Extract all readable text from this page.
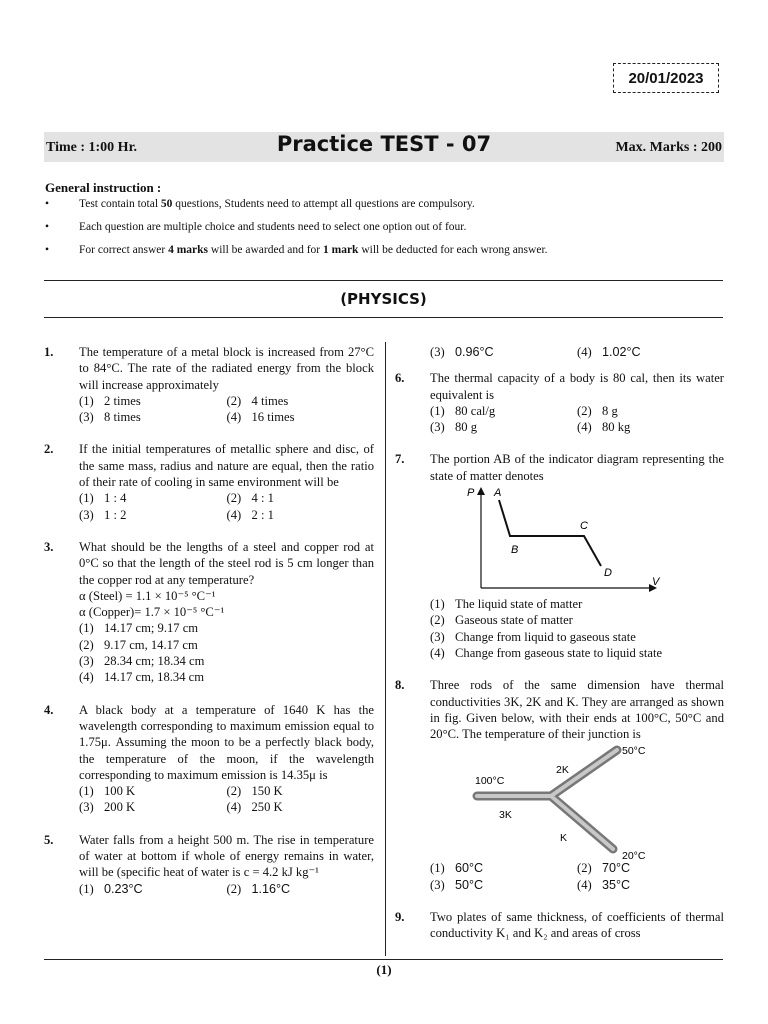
20/01/2023
Time : 1:00 Hr.	Practice TEST - 07	Max. Marks : 200
General instruction :
•	Test contain total 50 questions, Students need to attempt all questions are compulsory.
•	Each question are multiple choice and students need to select one option out of four.
•	For correct answer 4 marks will be awarded and for 1 mark will be deducted for each wrong answer.
(PHYSICS)
1. The temperature of a metal block is increased from 27°C to 84°C. The rate of the radiated energy from the block will increase approximately
(1) 2 times	(2) 4 times
(3) 8 times	(4) 16 times
2. If the initial temperatures of metallic sphere and disc, of the same mass, radius and nature are equal, then the ratio of their rate of cooling in same environment will be
(1) 1 : 4	(2) 4 : 1
(3) 1 : 2	(4) 2 : 1
3. What should be the lengths of a steel and copper rod at 0°C so that the length of the steel rod is 5 cm longer than the copper rod at any temperature?
α (Steel) = 1.1 × 10⁻⁵ °C⁻¹
α (Copper)= 1.7 × 10⁻⁵ °C⁻¹
(1) 14.17 cm; 9.17 cm
(2) 9.17 cm, 14.17 cm
(3) 28.34 cm; 18.34 cm
(4) 14.17 cm, 18.34 cm
4. A black body at a temperature of 1640 K has the wavelength corresponding to maximum emission equal to 1.75μ. Assuming the moon to be a perfectly black body, the temperature of the moon, if the wavelength corresponding to maximum emission is 14.35μ is
(1) 100 K	(2) 150 K
(3) 200 K	(4) 250 K
5. Water falls from a height 500 m. The rise in temperature of water at bottom if whole of energy remains in water, will be (specific heat of water is c = 4.2 kJ kg⁻¹
(1) 0.23°C	(2) 1.16°C
(3) 0.96°C	(4) 1.02°C
6. The thermal capacity of a body is 80 cal, then its water equivalent is
(1) 80 cal/g	(2) 8 g
(3) 80 g	(4) 80 kg
7. The portion AB of the indicator diagram representing the state of matter denotes
P A
B
C
D
V
(1) The liquid state of matter
(2) Gaseous state of matter
(3) Change from liquid to gaseous state
(4) Change from gaseous state to liquid state
8. Three rods of the same dimension have thermal conductivities 3K, 2K and K. They are arranged as shown in fig. Given below, with their ends at 100°C, 50°C and 20°C. The temperature of their junction is
100°C
50°C
20°C
2K
3K
K
(1) 60°C	(2) 70°C
(3) 50°C	(4) 35°C
9. Two plates of same thickness, of coefficients of thermal conductivity K₁ and K₂ and areas of cross
(1)
